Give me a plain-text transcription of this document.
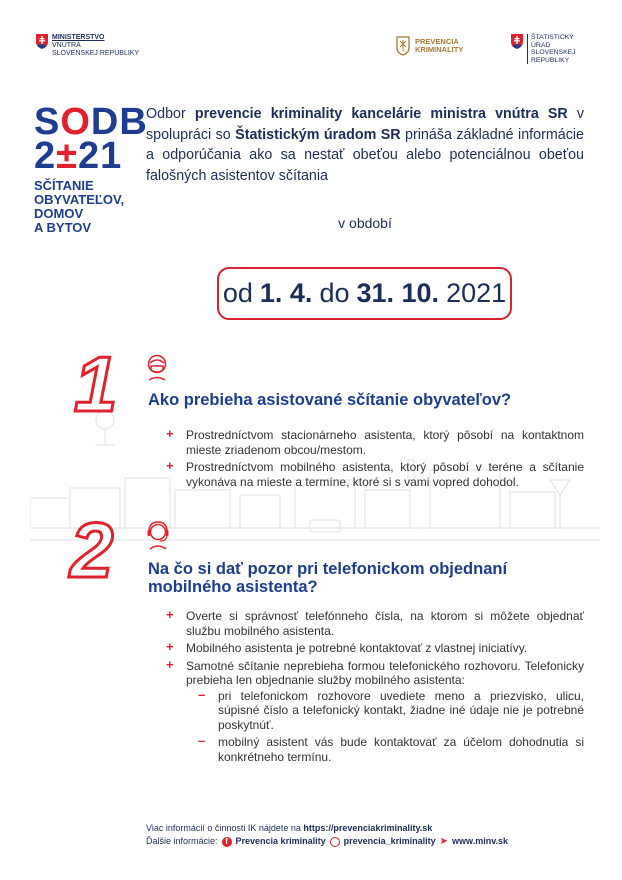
MINISTERSTVO
VNÚTRA
SLOVENSKEJ REPUBLIKY
PREVENCIA
KRIMINALITY
ŠTATISTICKÝ
ÚRAD
SLOVENSKEJ
REPUBLIKY
SODB
2±21
SČÍTANIE
OBYVATEĽOV,
DOMOV
A BYTOV
Odbor prevencie kriminality kancelárie ministra vnútra SR v spolupráci so Štatistickým úradom SR prináša základné informácie a odporúčania ako sa nestať obeťou alebo potenciálnou obeťou falošných asistentov sčítania
v období
od 1. 4. do 31. 10. 2021
1 Ako prebieha asistované sčítanie obyvateľov?
+ Prostredníctvom stacionárneho asistenta, ktorý pôsobí na kontaktnom mieste zriadenom obcou/mestom.
+ Prostredníctvom mobilného asistenta, ktorý pôsobí v teréne a sčítanie vykonáva na mieste a termíne, ktoré si s vami vopred dohodol.
2 Na čo si dať pozor pri telefonickom objednaní mobilného asistenta?
+ Overte si správnosť telefónneho čísla, na ktorom si môžete objednať službu mobilného asistenta.
+ Mobilného asistenta je potrebné kontaktovať z vlastnej iniciatívy.
+ Samotné sčítanie neprebieha formou telefonického rozhovoru. Telefonicky prebieha len objednanie služby mobilného asistenta:
– pri telefonickom rozhovore uvediete meno a priezvisko, ulicu, súpisné číslo a telefonický kontakt, žiadne iné údaje nie je potrebné poskytnúť.
– mobilný asistent vás bude kontaktovať za účelom dohodnutia si konkrétneho termínu.
Viac informácií o činnosti IK nájdete na https://prevenciakriminality.sk
Ďalšie informácie: f Prevencia kriminality prevencia_kriminality ➤ www.minv.sk
